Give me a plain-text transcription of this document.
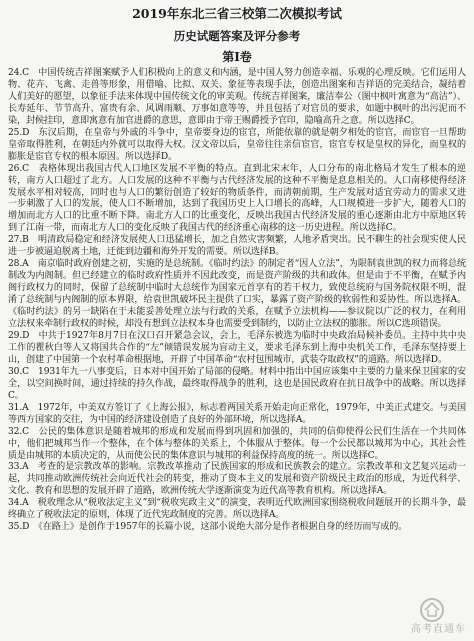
2019年东北三省三校第二次模拟考试
历史试题答案及评分参考
第Ⅰ卷
24.C　中国传统吉祥图案赋予人们积极向上的意义和内涵，是中国人努力创造幸福、乐观的心理反映。它们运用人物、花卉、飞禽、走兽等形象，用借喻、比拟、双关、象征等表现手法，创造出图案和吉祥语的完美结合，凝结着人们美好的愿望，以象征手法来体现中国传统文化的审美观。传统吉祥图案，廉洁奉公（图中枫叶寓意为“高洁”）、长寿延年、节节高升、富贵有余、风调雨顺、万事如意等等，并且包括了对官员的要求，如题中枫叶的出污泥而不染，封候挂印，意即寓意有加官进爵的意思，意即由于帝王赐爵授予官印，隐喻高升之意。所以选择C。
25.D　东汉后期，在皇帝与外戚的斗争中，皇帝要身边的宦官，所能依靠的就是朝夕相处的宦官，而宦官一旦帮助皇帝取得胜利，在朝廷内外就可以取得大权。汉文帝以后，皇帝往往亲信宦官，宦官专权是皇权的异化，而皇权的膨胀是宦官专权的根本原因。所以选择D。
26.C　表格体现出我国古代人口地区发展不平衡的特点。直到北宋末年，人口分布的南北格局才发生了根本的逆转，南方人口超过了北方。人口发展的这种不平衡与古代经济发展的这种不平衡是息息相关的。人口南移使得经济发展水平相对较高，同时也与人口的繁衍创造了较好的物质条件，而清朝前期，生产发展对适宜劳动力的需求又进一步刺激了人口的发展，使人口不断增加，达到了我国历史上人口增长的高峰，人口规模进一步扩大，随着人口的增加而北方人口的比重不断下降。南北方人口的比重变化，反映出我国古代经济发展的重心逐渐由北方中原地区转到了江南一带，而南北方人口的变化反映了我国古代的经济重心南移的这一历史进程。所以选择C。
27.B　明清政局稳定和经济发展使人口迅猛增长，加之自然灾害频繁，人地矛盾突出。民不聊生的社会现实使人民进一步被逼迫脱离土地，迁徙到边疆和海外开发的需要。所以选择B。
28.A　南京临时政府创建之初，实施的是总统制。《临时约法》的制定者“因人立法”，为限制袁世凯的权力而将总统制改为内阁制。但已经建立的临时政府性质并不因此改变，而是资产阶级的共和政体。但是由于不平衡，在赋予内阁行政权力的同时，保留了总统制中临时大总统作为国家元首享有的若干权力，致使总统府与国务院权限不明，混淆了总统制与内阁制的原本界限，给袁世凯破坏民主提供了口实，暴露了资产阶级的软弱性和妥协性。所以选择A。《临时约法》的另一缺陷在于未能妥善处理立法与行政的关系，在赋予立法机构——参议院以广泛的权力，在利用立法权来牵制行政权的时候，却没有想到立法权本身也需要受到制约，以防止立法权的膨胀。所以C选项错误。
29.D　中共于1927年8月7日在汉口召开紧急会议，会上，毛泽东被选为临时中央政治局候补委员。主持中共中央工作的瞿秋白等人又将国共合作的“左”倾错误发展为盲动主义，要求毛泽东到上海中央机关工作，毛泽东坚持要上山，创建了中国第一个农村革命根据地，开辟了中国革命“农村包围城市，武装夺取政权”的道路。所以选择D。
30.C　1931年九一八事变后，日本对中国开始了局部的侵略。材料中指出中国应该集中主要的力量来保卫国家的安全，以空间换时间，通过持续的持久作战，最终取得战争的胜利，这也是国民政府在抗日战争中的战略。所以选择C。
31.A　1972年，中美双方签订了《上海公报》，标志着两国关系开始走向正常化，1979年，中美正式建交。与美国等西方国家的交往，为中国的经济建设创造了良好的外部环境，所以选择A。
32.C　公民的集体意识是随着城邦的形成和发展而得到巩固和加强的，共同的信仰使得公民们生活在一个共同体中，他们把城邦当作一个整体，在个体与整体的关系上，个体服从于整体。每一个公民都以城邦为中心，其社会性质是由城邦的本质决定的，从而使公民的集体意识与城邦的利益保持高度的统一。所以选择C。
33.A　考查的是宗教改革的影响。宗教改革推动了民族国家的形成和民族教会的建立。宗教改革和文艺复兴运动一起，共同推动欧洲传统社会向近代社会的转变，推动了资本主义的发展和资产阶级民主政治的形成，为近代科学、文化、教育和思想的发展开辟了道路，欧洲传统大学逐渐演变为近代高等教育机构。所以选择A。
34.A　税收理念从“税收法定主义”到“税收宪政主义”的演变，表明近代欧洲国家围绕税收问题展开的长期斗争，最终确立了税收法定的原则，体现了近代宪政制度的完善。所以选择A。
35.D　《在路上》是创作于1957年的长篇小说，这部小说绝大部分是作者根据自身的经历而写成的。
高考直通车
